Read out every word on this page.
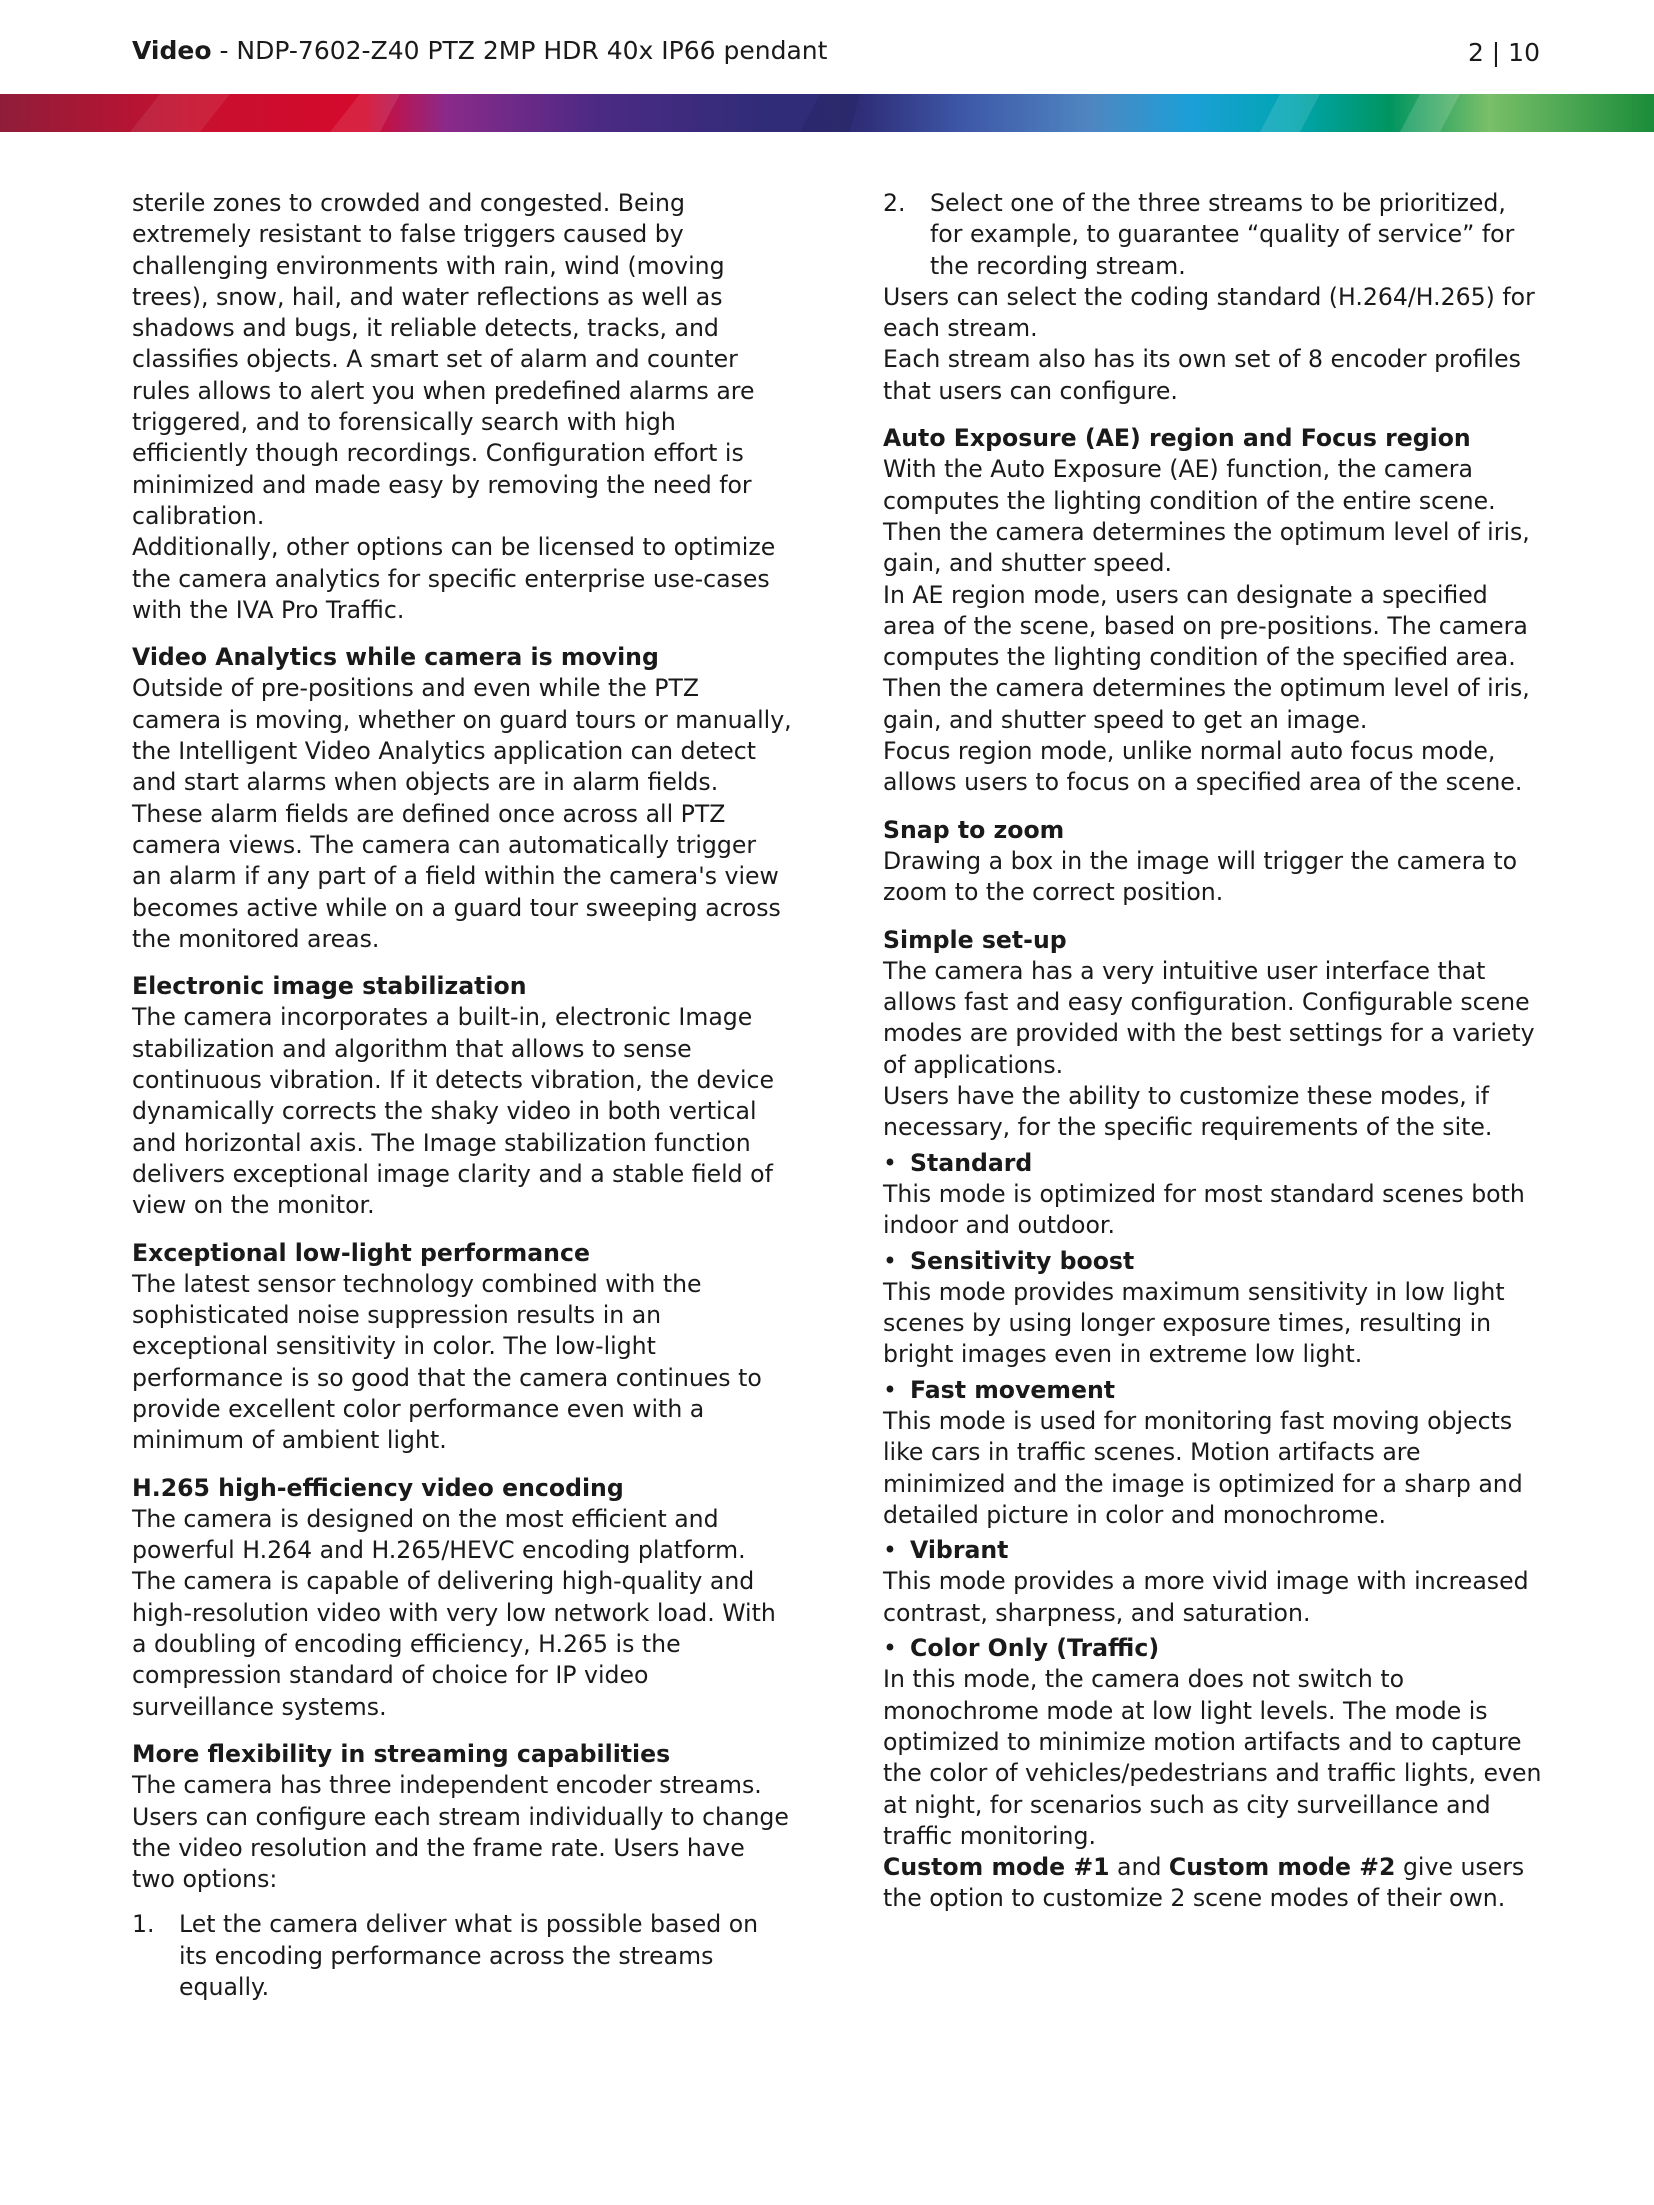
Video - NDP-7602-Z40 PTZ 2MP HDR 40x IP66 pendant	2 | 10

sterile zones to crowded and congested. Being extremely resistant to false triggers caused by challenging environments with rain, wind (moving trees), snow, hail, and water reflections as well as shadows and bugs, it reliable detects, tracks, and classifies objects. A smart set of alarm and counter rules allows to alert you when predefined alarms are triggered, and to forensically search with high efficiently though recordings. Configuration effort is minimized and made easy by removing the need for calibration.

Additionally, other options can be licensed to optimize the camera analytics for specific enterprise use-cases with the IVA Pro Traffic.

Video Analytics while camera is moving

Outside of pre-positions and even while the PTZ camera is moving, whether on guard tours or manually, the Intelligent Video Analytics application can detect and start alarms when objects are in alarm fields. These alarm fields are defined once across all PTZ camera views. The camera can automatically trigger an alarm if any part of a field within the camera's view becomes active while on a guard tour sweeping across the monitored areas.

Electronic image stabilization

The camera incorporates a built-in, electronic Image stabilization and algorithm that allows to sense continuous vibration. If it detects vibration, the device dynamically corrects the shaky video in both vertical and horizontal axis. The Image stabilization function delivers exceptional image clarity and a stable field of view on the monitor.

Exceptional low-light performance

The latest sensor technology combined with the sophisticated noise suppression results in an exceptional sensitivity in color. The low-light performance is so good that the camera continues to provide excellent color performance even with a minimum of ambient light.

H.265 high-efficiency video encoding

The camera is designed on the most efficient and powerful H.264 and H.265/HEVC encoding platform. The camera is capable of delivering high-quality and high-resolution video with very low network load. With a doubling of encoding efficiency, H.265 is the compression standard of choice for IP video surveillance systems.

More flexibility in streaming capabilities

The camera has three independent encoder streams. Users can configure each stream individually to change the video resolution and the frame rate. Users have two options:

1. Let the camera deliver what is possible based on its encoding performance across the streams equally.
2. Select one of the three streams to be prioritized, for example, to guarantee “quality of service” for the recording stream.

Users can select the coding standard (H.264/H.265) for each stream.

Each stream also has its own set of 8 encoder profiles that users can configure.

Auto Exposure (AE) region and Focus region

With the Auto Exposure (AE) function, the camera computes the lighting condition of the entire scene. Then the camera determines the optimum level of iris, gain, and shutter speed.

In AE region mode, users can designate a specified area of the scene, based on pre-positions. The camera computes the lighting condition of the specified area. Then the camera determines the optimum level of iris, gain, and shutter speed to get an image.

Focus region mode, unlike normal auto focus mode, allows users to focus on a specified area of the scene.

Snap to zoom

Drawing a box in the image will trigger the camera to zoom to the correct position.

Simple set-up

The camera has a very intuitive user interface that allows fast and easy configuration. Configurable scene modes are provided with the best settings for a variety of applications.

Users have the ability to customize these modes, if necessary, for the specific requirements of the site.

• Standard

This mode is optimized for most standard scenes both indoor and outdoor.

• Sensitivity boost

This mode provides maximum sensitivity in low light scenes by using longer exposure times, resulting in bright images even in extreme low light.

• Fast movement

This mode is used for monitoring fast moving objects like cars in traffic scenes. Motion artifacts are minimized and the image is optimized for a sharp and detailed picture in color and monochrome.

• Vibrant

This mode provides a more vivid image with increased contrast, sharpness, and saturation.

• Color Only (Traffic)

In this mode, the camera does not switch to monochrome mode at low light levels. The mode is optimized to minimize motion artifacts and to capture the color of vehicles/pedestrians and traffic lights, even at night, for scenarios such as city surveillance and traffic monitoring.

Custom mode #1 and Custom mode #2 give users the option to customize 2 scene modes of their own.
